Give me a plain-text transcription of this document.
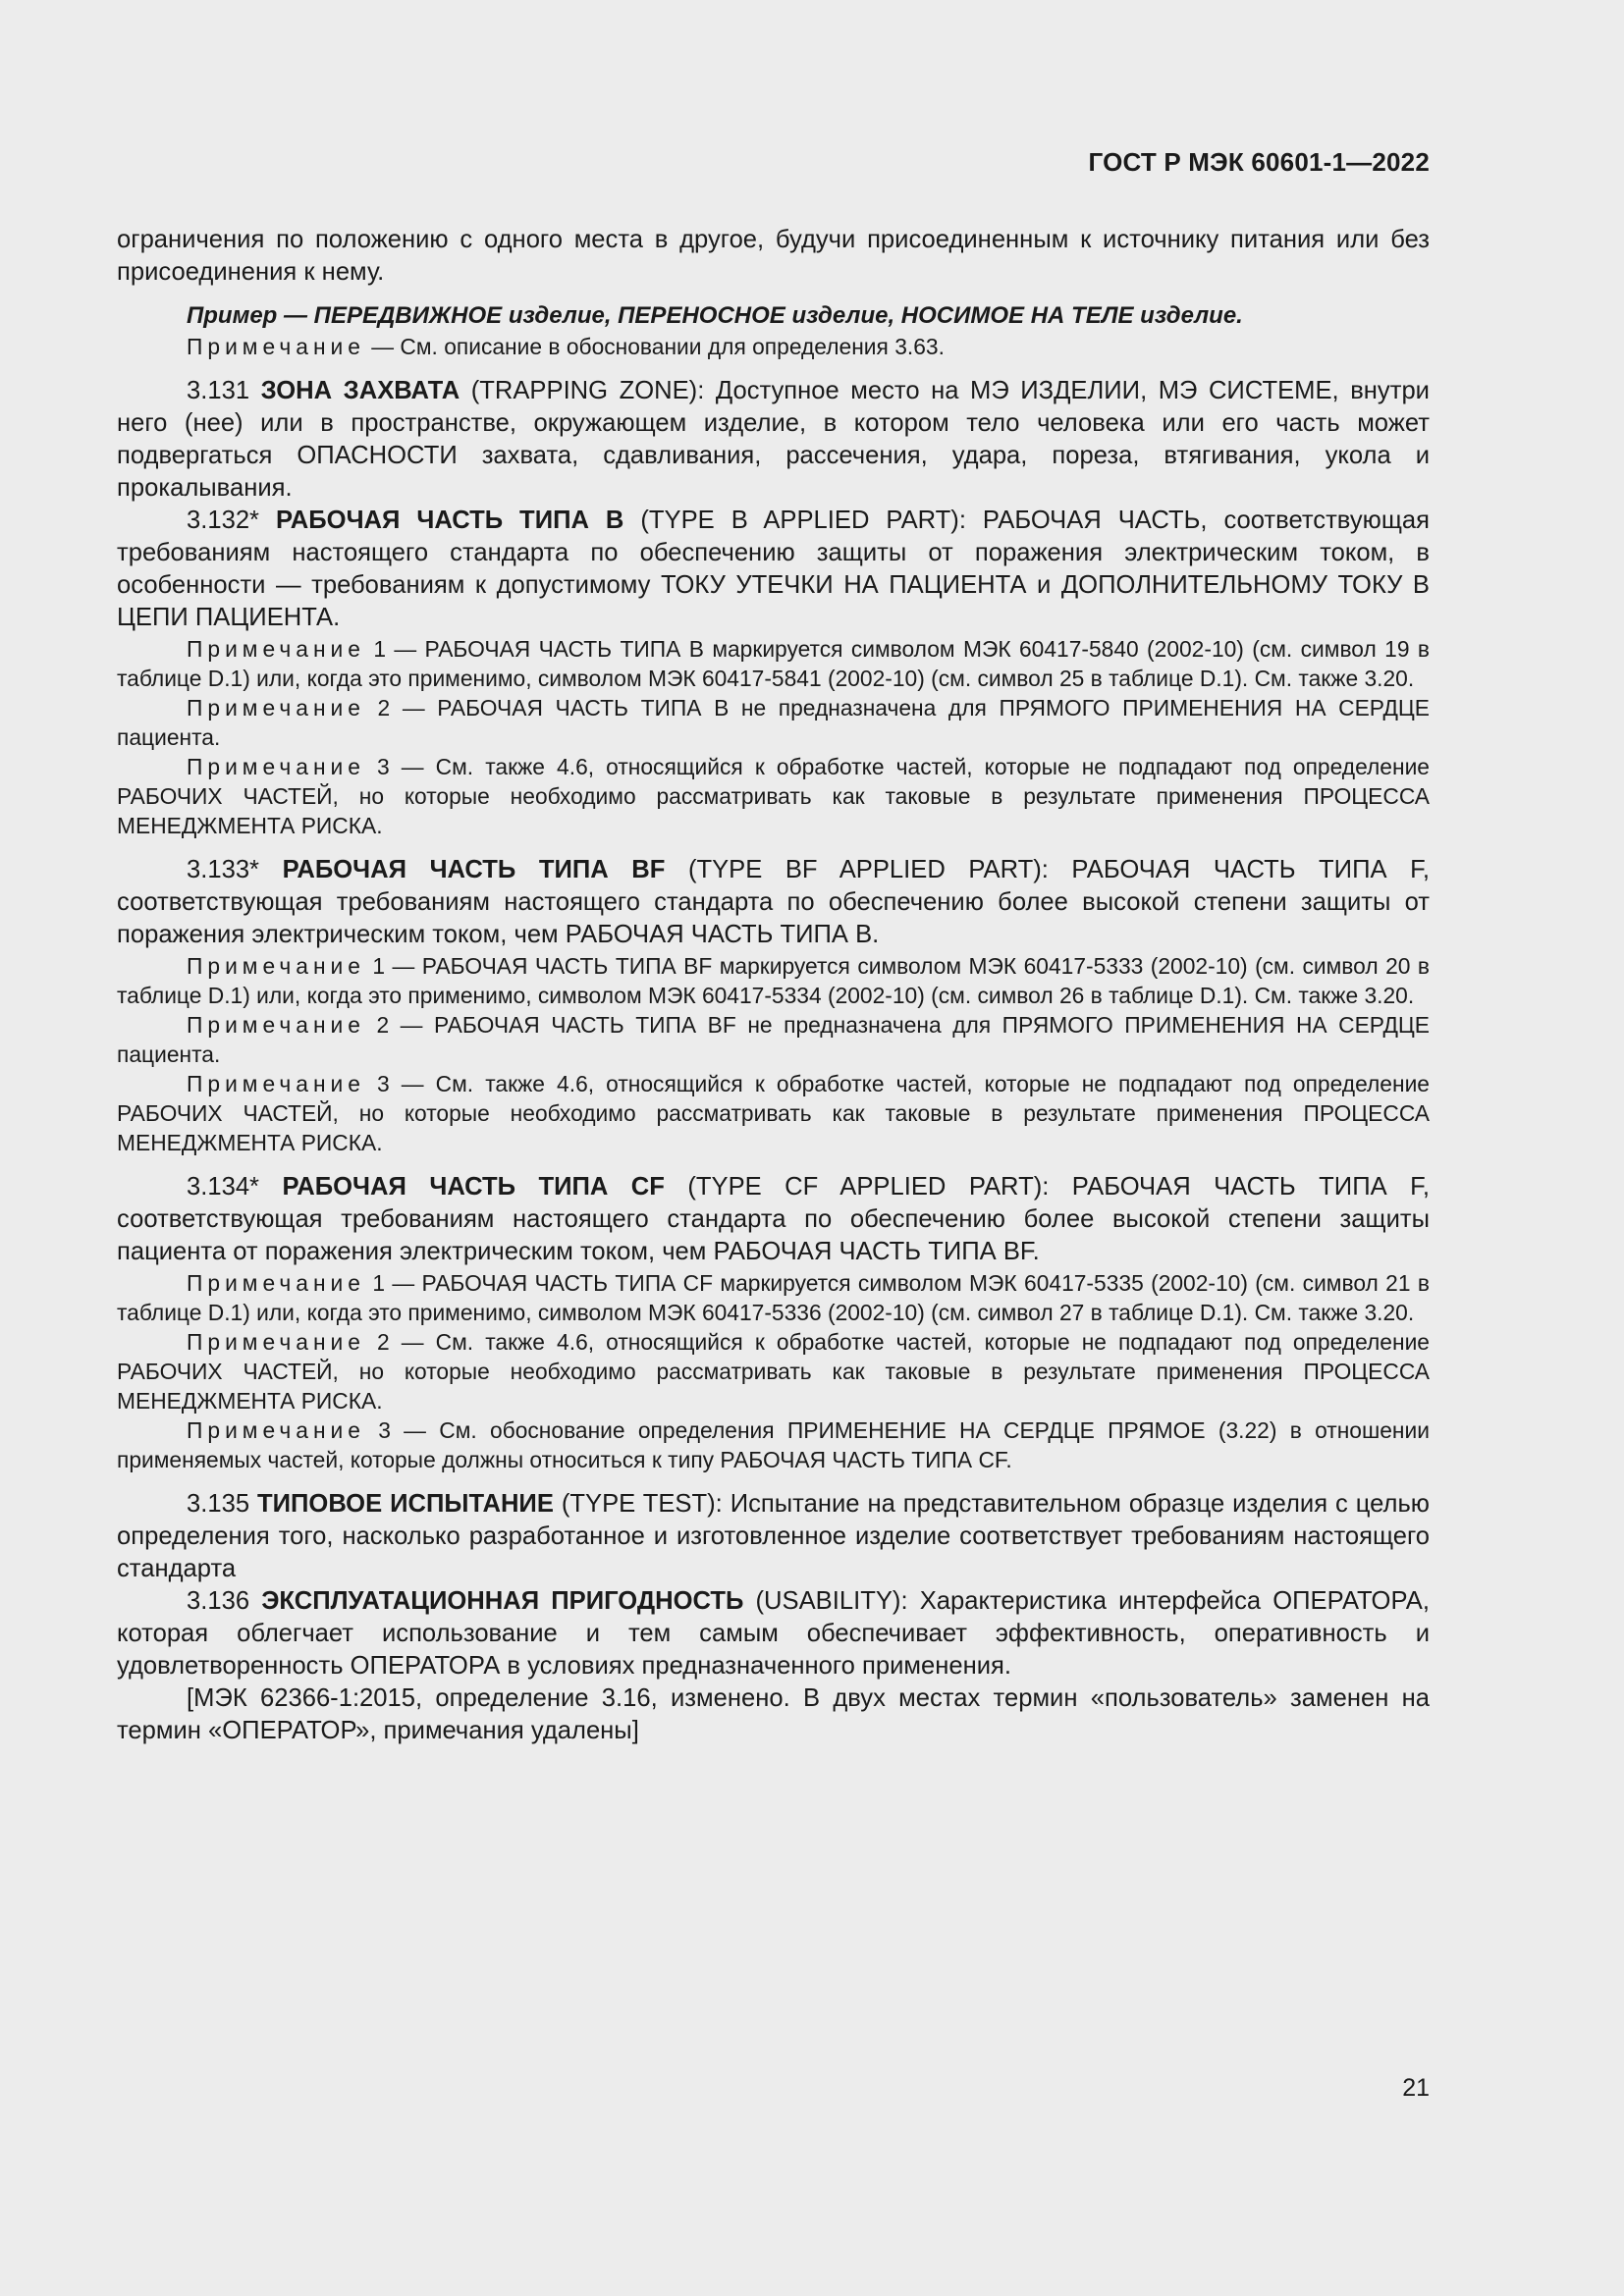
ГОСТ Р МЭК 60601-1—2022

ограничения по положению с одного места в другое, будучи присоединенным к источнику питания или без присоединения к нему.

Пример — ПЕРЕДВИЖНОЕ изделие, ПЕРЕНОСНОЕ изделие, НОСИМОЕ НА ТЕЛЕ изделие.

Примечание — См. описание в обосновании для определения 3.63.

3.131 ЗОНА ЗАХВАТА (TRAPPING ZONE): Доступное место на МЭ ИЗДЕЛИИ, МЭ СИСТЕМЕ, внутри него (нее) или в пространстве, окружающем изделие, в котором тело человека или его часть может подвергаться ОПАСНОСТИ захвата, сдавливания, рассечения, удара, пореза, втягивания, укола и прокалывания.

3.132* РАБОЧАЯ ЧАСТЬ ТИПА В (TYPE B APPLIED PART): РАБОЧАЯ ЧАСТЬ, соответствующая требованиям настоящего стандарта по обеспечению защиты от поражения электрическим током, в особенности — требованиям к допустимому ТОКУ УТЕЧКИ НА ПАЦИЕНТА и ДОПОЛНИТЕЛЬНОМУ ТОКУ В ЦЕПИ ПАЦИЕНТА.

Примечание 1 — РАБОЧАЯ ЧАСТЬ ТИПА В маркируется символом МЭК 60417-5840 (2002-10) (см. символ 19 в таблице D.1) или, когда это применимо, символом МЭК 60417-5841 (2002-10) (см. символ 25 в таблице D.1). См. также 3.20.

Примечание 2 — РАБОЧАЯ ЧАСТЬ ТИПА В не предназначена для ПРЯМОГО ПРИМЕНЕНИЯ НА СЕРДЦЕ пациента.

Примечание 3 — См. также 4.6, относящийся к обработке частей, которые не подпадают под определение РАБОЧИХ ЧАСТЕЙ, но которые необходимо рассматривать как таковые в результате применения ПРОЦЕССА МЕНЕДЖМЕНТА РИСКА.

3.133* РАБОЧАЯ ЧАСТЬ ТИПА BF (TYPE BF APPLIED PART): РАБОЧАЯ ЧАСТЬ ТИПА F, соответствующая требованиям настоящего стандарта по обеспечению более высокой степени защиты от поражения электрическим током, чем РАБОЧАЯ ЧАСТЬ ТИПА В.

Примечание 1 — РАБОЧАЯ ЧАСТЬ ТИПА BF маркируется символом МЭК 60417-5333 (2002-10) (см. символ 20 в таблице D.1) или, когда это применимо, символом МЭК 60417-5334 (2002-10) (см. символ 26 в таблице D.1). См. также 3.20.

Примечание 2 — РАБОЧАЯ ЧАСТЬ ТИПА BF не предназначена для ПРЯМОГО ПРИМЕНЕНИЯ НА СЕРДЦЕ пациента.

Примечание 3 — См. также 4.6, относящийся к обработке частей, которые не подпадают под определение РАБОЧИХ ЧАСТЕЙ, но которые необходимо рассматривать как таковые в результате применения ПРОЦЕССА МЕНЕДЖМЕНТА РИСКА.

3.134* РАБОЧАЯ ЧАСТЬ ТИПА CF (TYPE CF APPLIED PART): РАБОЧАЯ ЧАСТЬ ТИПА F, соответствующая требованиям настоящего стандарта по обеспечению более высокой степени защиты пациента от поражения электрическим током, чем РАБОЧАЯ ЧАСТЬ ТИПА BF.

Примечание 1 — РАБОЧАЯ ЧАСТЬ ТИПА CF маркируется символом МЭК 60417-5335 (2002-10) (см. символ 21 в таблице D.1) или, когда это применимо, символом МЭК 60417-5336 (2002-10) (см. символ 27 в таблице D.1). См. также 3.20.

Примечание 2 — См. также 4.6, относящийся к обработке частей, которые не подпадают под определение РАБОЧИХ ЧАСТЕЙ, но которые необходимо рассматривать как таковые в результате применения ПРОЦЕССА МЕНЕДЖМЕНТА РИСКА.

Примечание 3 — См. обоснование определения ПРИМЕНЕНИЕ НА СЕРДЦЕ ПРЯМОЕ (3.22) в отношении применяемых частей, которые должны относиться к типу РАБОЧАЯ ЧАСТЬ ТИПА CF.

3.135 ТИПОВОЕ ИСПЫТАНИЕ (TYPE TEST): Испытание на представительном образце изделия с целью определения того, насколько разработанное и изготовленное изделие соответствует требованиям настоящего стандарта

3.136 ЭКСПЛУАТАЦИОННАЯ ПРИГОДНОСТЬ (USABILITY): Характеристика интерфейса ОПЕРАТОРА, которая облегчает использование и тем самым обеспечивает эффективность, оперативность и удовлетворенность ОПЕРАТОРА в условиях предназначенного применения.

[МЭК 62366-1:2015, определение 3.16, изменено. В двух местах термин «пользователь» заменен на термин «ОПЕРАТОР», примечания удалены]

21
